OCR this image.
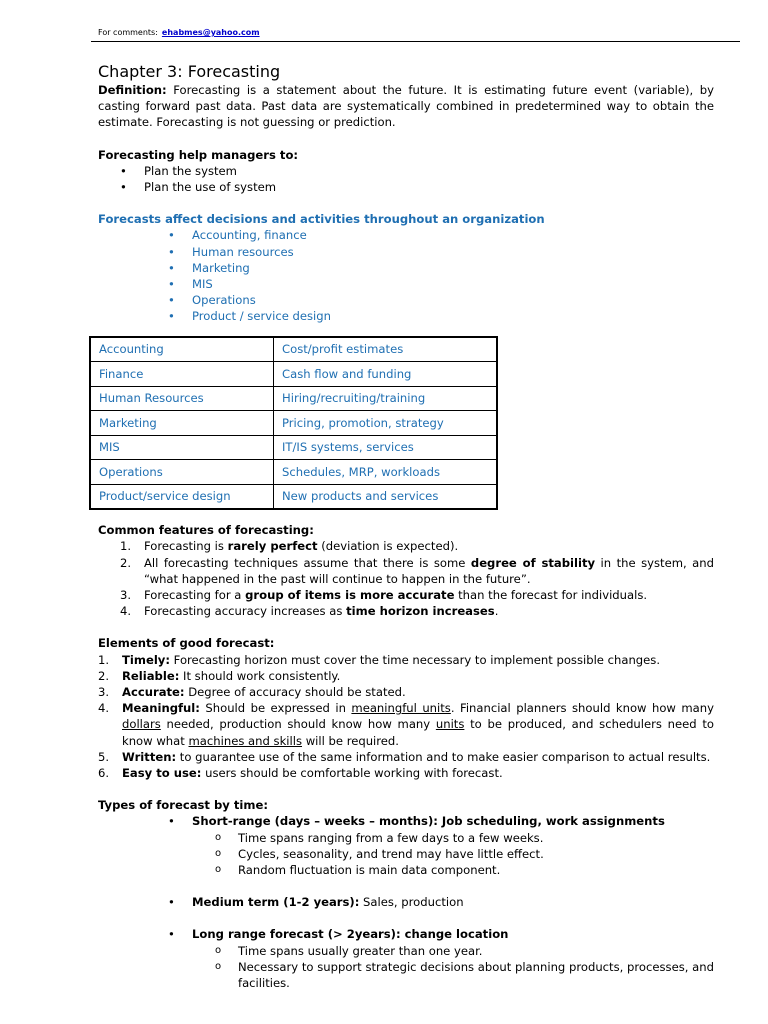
For comments: ehabmes@yahoo.com
Chapter 3: Forecasting

Definition: Forecasting is a statement about the future. It is estimating future event (variable), by casting forward past data. Past data are systematically combined in predetermined way to obtain the estimate. Forecasting is not guessing or prediction.

Forecasting help managers to:

• Plan the system
• Plan the use of system

Forecasts affect decisions and activities throughout an organization

• Accounting, finance
• Human resources
• Marketing
• MIS
• Operations
• Product / service design
Accounting	Cost/profit estimates
Finance	Cash flow and funding
Human Resources	Hiring/recruiting/training
Marketing	Pricing, promotion, strategy
MIS	IT/IS systems, services
Operations	Schedules, MRP, workloads
Product/service design	New products and services

Common features of forecasting:

1. Forecasting is rarely perfect (deviation is expected).
2. All forecasting techniques assume that there is some degree of stability in the system, and “what happened in the past will continue to happen in the future”.
3. Forecasting for a group of items is more accurate than the forecast for individuals.
4. Forecasting accuracy increases as time horizon increases.

Elements of good forecast:

1. Timely: Forecasting horizon must cover the time necessary to implement possible changes.
2. Reliable: It should work consistently.
3. Accurate: Degree of accuracy should be stated.
4. Meaningful: Should be expressed in meaningful units. Financial planners should know how many dollars needed, production should know how many units to be produced, and schedulers need to know what machines and skills will be required.
5. Written: to guarantee use of the same information and to make easier comparison to actual results.
6. Easy to use: users should be comfortable working with forecast.

Types of forecast by time:

• Short-range (days – weeks – months): Job scheduling, work assignments
o Time spans ranging from a few days to a few weeks.
o Cycles, seasonality, and trend may have little effect.
o Random fluctuation is main data component.
• Medium term (1-2 years): Sales, production
• Long range forecast (> 2years): change location
o Time spans usually greater than one year.
o Necessary to support strategic decisions about planning products, processes, and facilities.
